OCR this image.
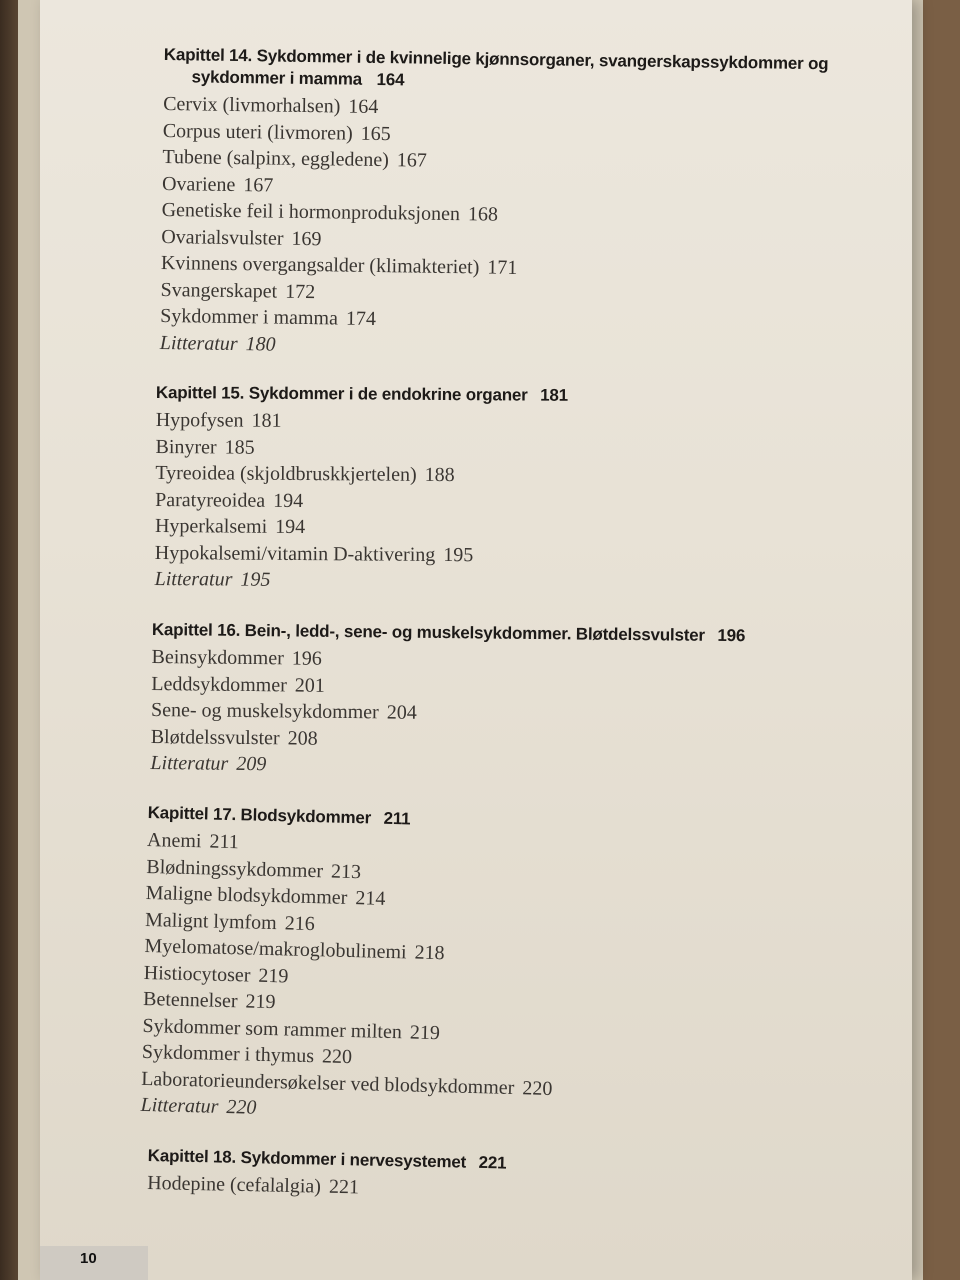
Kapittel 14. Sykdommer i de kvinnelige kjønnsorganer, svangerskapssykdommer og
sykdommer i mamma 164
Cervix (livmorhalsen) 164
Corpus uteri (livmoren) 165
Tubene (salpinx, eggledene) 167
Ovariene 167
Genetiske feil i hormonproduksjonen 168
Ovarialsvulster 169
Kvinnens overgangsalder (klimakteriet) 171
Svangerskapet 172
Sykdommer i mamma 174
Litteratur 180
Kapittel 15. Sykdommer i de endokrine organer 181
Hypofysen 181
Binyrer 185
Tyreoidea (skjoldbruskkjertelen) 188
Paratyreoidea 194
Hyperkalsemi 194
Hypokalsemi/vitamin D-aktivering 195
Litteratur 195
Kapittel 16. Bein-, ledd-, sene- og muskelsykdommer. Bløtdelssvulster 196
Beinsykdommer 196
Leddsykdommer 201
Sene- og muskelsykdommer 204
Bløtdelssvulster 208
Litteratur 209
Kapittel 17. Blodsykdommer 211
Anemi 211
Blødningssykdommer 213
Maligne blodsykdommer 214
Malignt lymfom 216
Myelomatose/makroglobulinemi 218
Histiocytoser 219
Betennelser 219
Sykdommer som rammer milten 219
Sykdommer i thymus 220
Laboratorieundersøkelser ved blodsykdommer 220
Litteratur 220
Kapittel 18. Sykdommer i nervesystemet 221
Hodepine (cefalalgia) 221
10
